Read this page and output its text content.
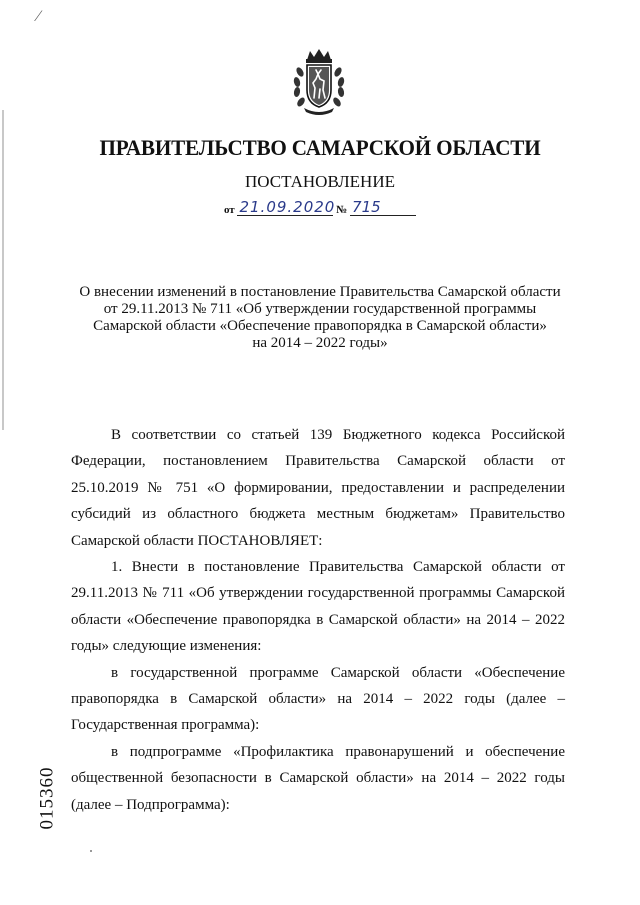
⁄
ПРАВИТЕЛЬСТВО САМАРСКОЙ ОБЛАСТИ
ПОСТАНОВЛЕНИЕ
от 21.09.2020 № 715
О внесении изменений в постановление Правительства Самарской области
от 29.11.2013 № 711 «Об утверждении государственной программы
Самарской области «Обеспечение правопорядка в Самарской области»
на 2014 – 2022 годы»

В соответствии со статьей 139 Бюджетного кодекса Российской Федерации, постановлением Правительства Самарской области от 25.10.2019 № 751 «О формировании, предоставлении и распределении субсидий из областного бюджета местным бюджетам» Правительство Самарской области ПОСТАНОВЛЯЕТ:

1. Внести в постановление Правительства Самарской области от 29.11.2013 № 711 «Об утверждении государственной программы Самарской области «Обеспечение правопорядка в Самарской области» на 2014 – 2022 годы» следующие изменения:

в государственной программе Самарской области «Обеспечение правопорядка в Самарской области» на 2014 – 2022 годы (далее – Государственная программа):

в подпрограмме «Профилактика правонарушений и обеспечение общественной безопасности в Самарской области» на 2014 – 2022 годы (далее – Подпрограмма):

015360
